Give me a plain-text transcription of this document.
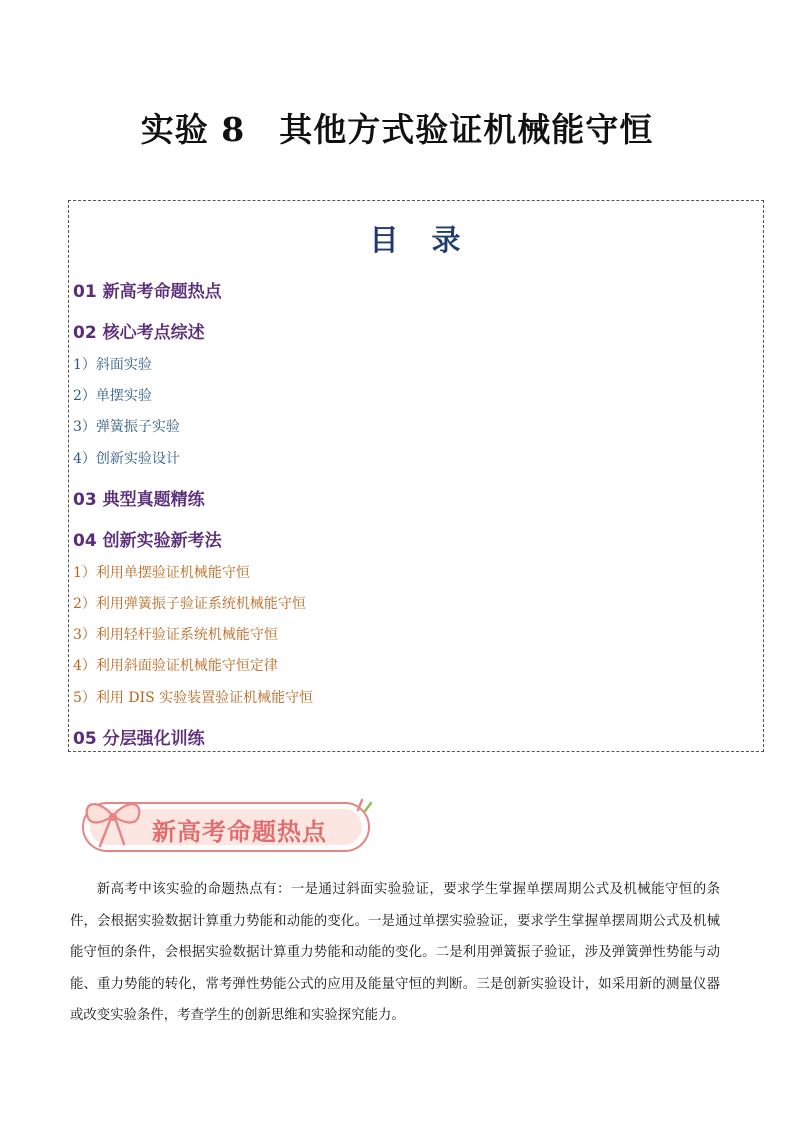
实验 8　其他方式验证机械能守恒
目　录
01 新高考命题热点
02 核心考点综述
1）斜面实验
2）单摆实验
3）弹簧振子实验
4）创新实验设计
03 典型真题精练
04 创新实验新考法
1）利用单摆验证机械能守恒
2）利用弹簧振子验证系统机械能守恒
3）利用轻杆验证系统机械能守恒
4）利用斜面验证机械能守恒定律
5）利用 DIS 实验装置验证机械能守恒
05 分层强化训练
新高考命题热点

新高考中该实验的命题热点有：一是通过斜面实验验证，要求学生掌握单摆周期公式及机械能守恒的条件，会根据实验数据计算重力势能和动能的变化。一是通过单摆实验验证，要求学生掌握单摆周期公式及机械能守恒的条件，会根据实验数据计算重力势能和动能的变化。二是利用弹簧振子验证，涉及弹簧弹性势能与动能、重力势能的转化，常考弹性势能公式的应用及能量守恒的判断。三是创新实验设计，如采用新的测量仪器或改变实验条件，考查学生的创新思维和实验探究能力。
